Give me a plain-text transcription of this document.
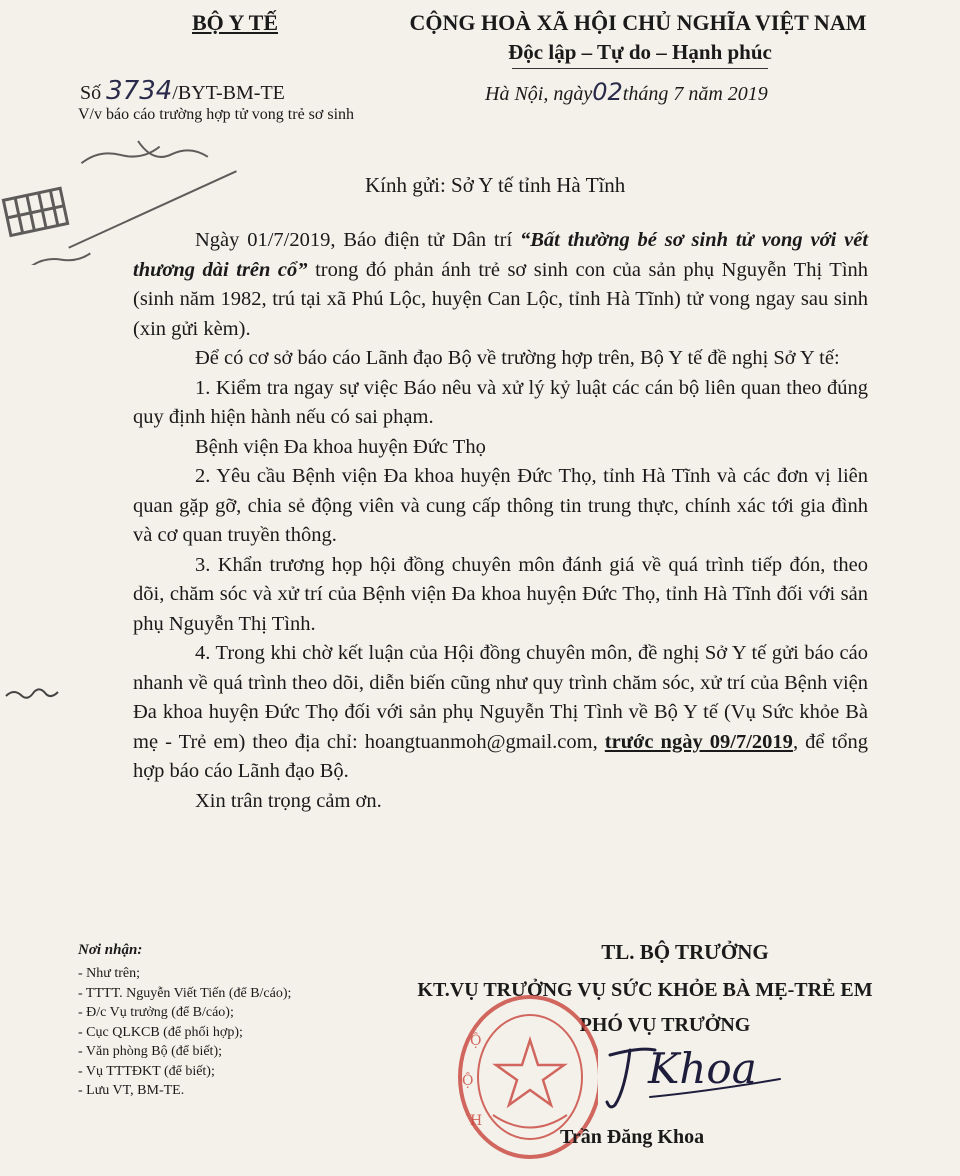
BỘ Y TẾ	CỘNG HOÀ XÃ HỘI CHỦ NGHĨA VIỆT NAM
Độc lập – Tự do – Hạnh phúc
Số 3734/BYT-BM-TE	Hà Nội, ngày02tháng 7 năm 2019
V/v báo cáo trường hợp tử vong trẻ sơ sinh
Kính gửi: Sở Y tế tỉnh Hà Tĩnh

Ngày 01/7/2019, Báo điện tử Dân trí “Bất thường bé sơ sinh tử vong với vết thương dài trên cổ” trong đó phản ánh trẻ sơ sinh con của sản phụ Nguyễn Thị Tình (sinh năm 1982, trú tại xã Phú Lộc, huyện Can Lộc, tỉnh Hà Tĩnh) tử vong ngay sau sinh (xin gửi kèm).

Để có cơ sở báo cáo Lãnh đạo Bộ về trường hợp trên, Bộ Y tế đề nghị Sở Y tế:

1. Kiểm tra ngay sự việc Báo nêu và xử lý kỷ luật các cán bộ liên quan theo đúng quy định hiện hành nếu có sai phạm.

Bệnh viện Đa khoa huyện Đức Thọ

2. Yêu cầu Bệnh viện Đa khoa huyện Đức Thọ, tỉnh Hà Tĩnh và các đơn vị liên quan gặp gỡ, chia sẻ động viên và cung cấp thông tin trung thực, chính xác tới gia đình và cơ quan truyền thông.

3. Khẩn trương họp hội đồng chuyên môn đánh giá về quá trình tiếp đón, theo dõi, chăm sóc và xử trí của Bệnh viện Đa khoa huyện Đức Thọ, tỉnh Hà Tĩnh đối với sản phụ Nguyễn Thị Tình.

4. Trong khi chờ kết luận của Hội đồng chuyên môn, đề nghị Sở Y tế gửi báo cáo nhanh về quá trình theo dõi, diễn biến cũng như quy trình chăm sóc, xử trí của Bệnh viện Đa khoa huyện Đức Thọ đối với sản phụ Nguyễn Thị Tình về Bộ Y tế (Vụ Sức khỏe Bà mẹ - Trẻ em) theo địa chỉ: hoangtuanmoh@gmail.com, trước ngày 09/7/2019, để tổng hợp báo cáo Lãnh đạo Bộ.

Xin trân trọng cảm ơn.

Nơi nhận:
- Như trên;
- TTTT. Nguyễn Viết Tiến (để B/cáo);
- Đ/c Vụ trưởng (để B/cáo);
- Cục QLKCB (để phối hợp);
- Văn phòng Bộ (để biết);
- Vụ TTTĐKT (để biết);
- Lưu VT, BM-TE.
TL. BỘ TRƯỞNG
KT.VỤ TRƯỞNG VỤ SỨC KHỎE BÀ MẸ-TRẺ EM
PHÓ VỤ TRƯỞNG
Ộ
Ộ
H
Khoa
Trần Đăng Khoa
